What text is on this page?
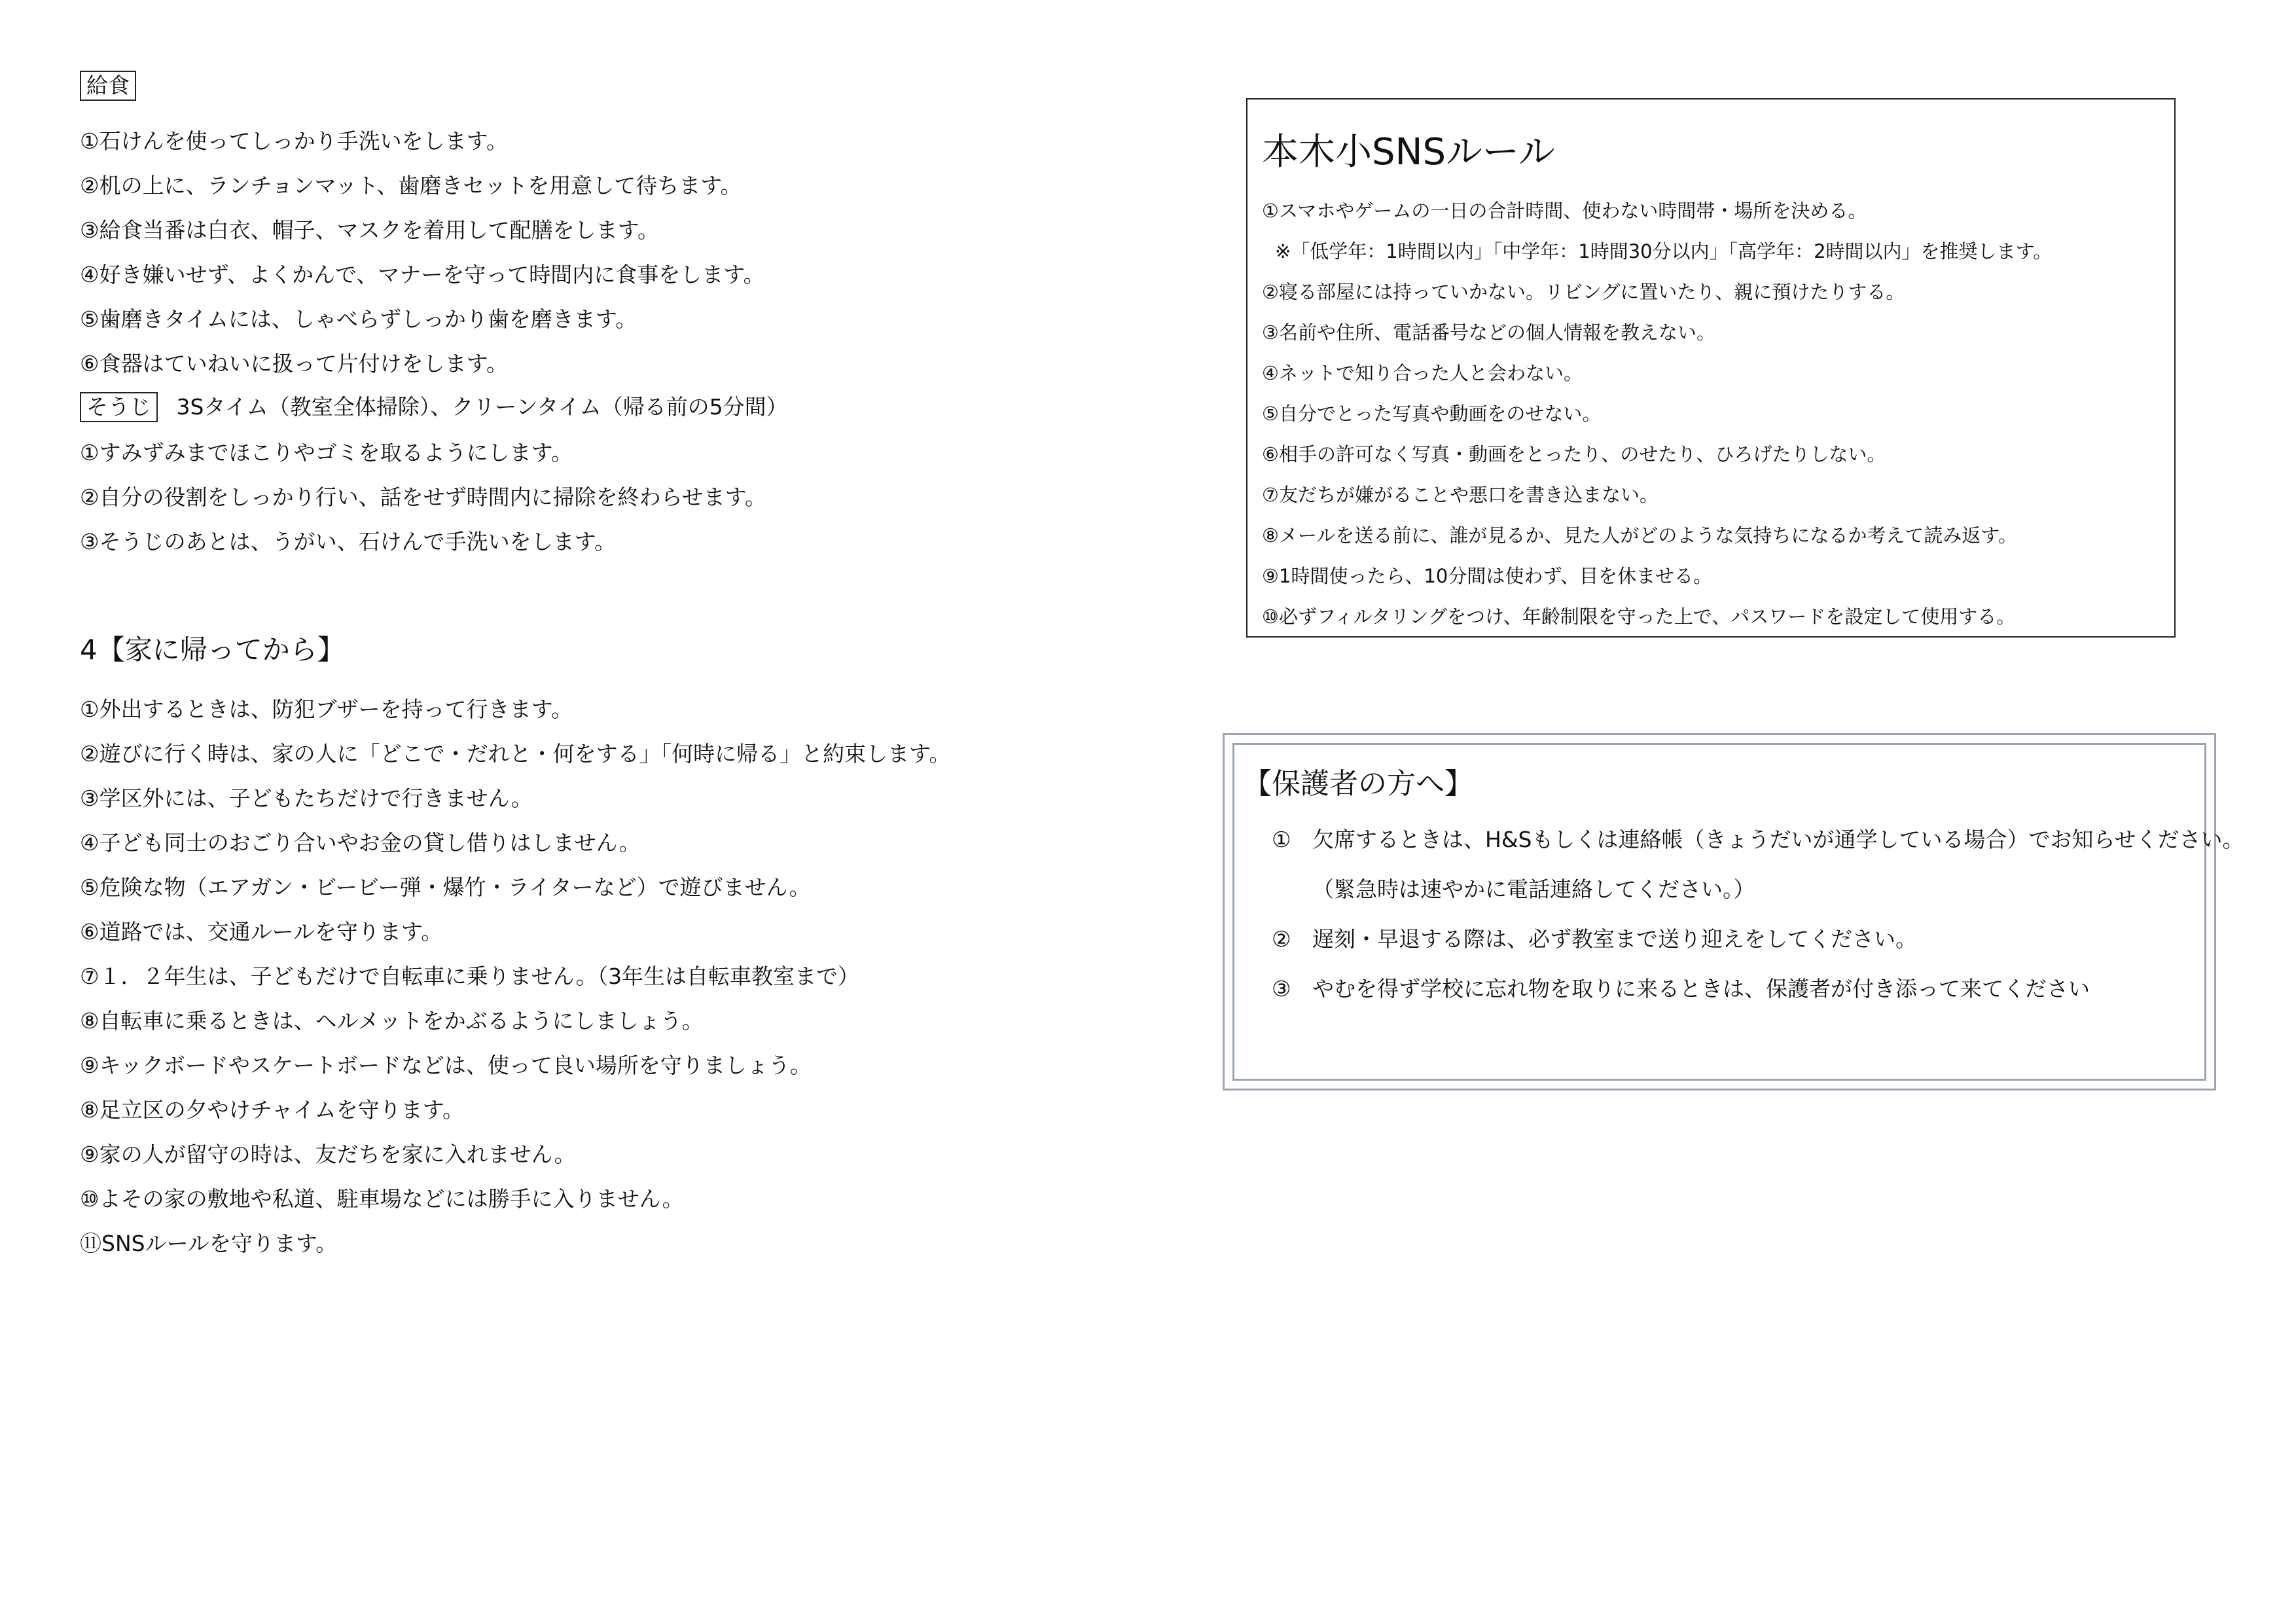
給食
①石けんを使ってしっかり手洗いをします。
②机の上に、ランチョンマット、歯磨きセットを用意して待ちます。
③給食当番は白衣、帽子、マスクを着用して配膳をします。
④好き嫌いせず、よくかんで、マナーを守って時間内に食事をします。
⑤歯磨きタイムには、しゃべらずしっかり歯を磨きます。
⑥食器はていねいに扱って片付けをします。
そうじ 3Sタイム（教室全体掃除）、クリーンタイム（帰る前の5分間）
①すみずみまでほこりやゴミを取るようにします。
②自分の役割をしっかり行い、話をせず時間内に掃除を終わらせます。
③そうじのあとは、うがい、石けんで手洗いをします。
4【家に帰ってから】
①外出するときは、防犯ブザーを持って行きます。
②遊びに行く時は、家の人に「どこで・だれと・何をする」「何時に帰る」と約束します。
③学区外には、子どもたちだけで行きません。
④子ども同士のおごり合いやお金の貸し借りはしません。
⑤危険な物（エアガン・ビービー弾・爆竹・ライターなど）で遊びません。
⑥道路では、交通ルールを守ります。
⑦１．２年生は、子どもだけで自転車に乗りません。（3年生は自転車教室まで）
⑧自転車に乗るときは、ヘルメットをかぶるようにしましょう。
⑨キックボードやスケートボードなどは、使って良い場所を守りましょう。
⑧足立区の夕やけチャイムを守ります。
⑨家の人が留守の時は、友だちを家に入れません。
⑩よその家の敷地や私道、駐車場などには勝手に入りません。
⑪SNSルールを守ります。
本木小SNSルール
①スマホやゲームの一日の合計時間、使わない時間帯・場所を決める。
※「低学年：1時間以内」「中学年：1時間30分以内」「高学年：2時間以内」を推奨します。
②寝る部屋には持っていかない。リビングに置いたり、親に預けたりする。
③名前や住所、電話番号などの個人情報を教えない。
④ネットで知り合った人と会わない。
⑤自分でとった写真や動画をのせない。
⑥相手の許可なく写真・動画をとったり、のせたり、ひろげたりしない。
⑦友だちが嫌がることや悪口を書き込まない。
⑧メールを送る前に、誰が見るか、見た人がどのような気持ちになるか考えて読み返す。
⑨1時間使ったら、10分間は使わず、目を休ませる。
⑩必ずフィルタリングをつけ、年齢制限を守った上で、パスワードを設定して使用する。
【保護者の方へ】
① 欠席するときは、H&Sもしくは連絡帳（きょうだいが通学している場合）でお知らせください。
（緊急時は速やかに電話連絡してください。）
② 遅刻・早退する際は、必ず教室まで送り迎えをしてください。
③ やむを得ず学校に忘れ物を取りに来るときは、保護者が付き添って来てください
